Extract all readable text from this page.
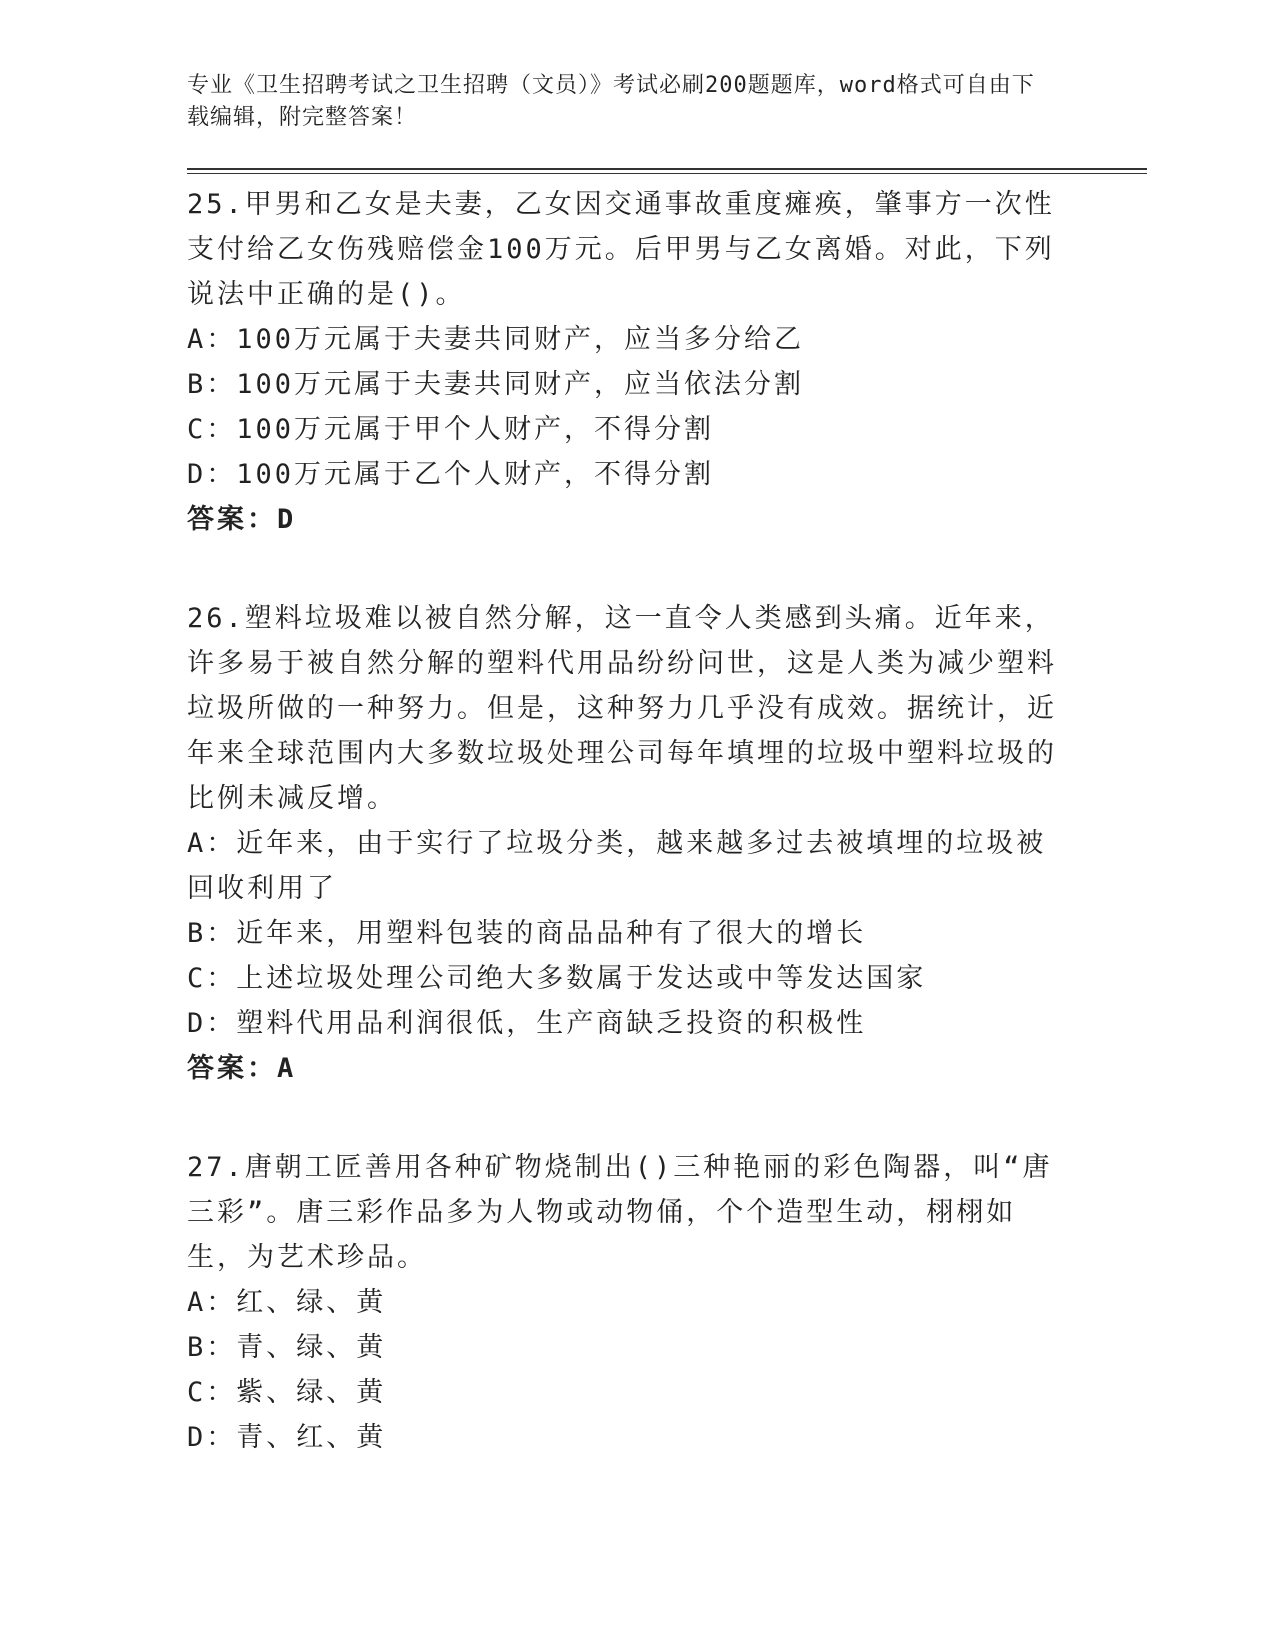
专业《卫生招聘考试之卫生招聘（文员）》考试必刷200题题库，word格式可自由下载编辑，附完整答案！

25.甲男和乙女是夫妻，乙女因交通事故重度瘫痪，肇事方一次性支付给乙女伤残赔偿金100万元。后甲男与乙女离婚。对此，下列说法中正确的是()。

A：100万元属于夫妻共同财产，应当多分给乙

B：100万元属于夫妻共同财产，应当依法分割

C：100万元属于甲个人财产，不得分割

D：100万元属于乙个人财产，不得分割

答案：D

26.塑料垃圾难以被自然分解，这一直令人类感到头痛。近年来，许多易于被自然分解的塑料代用品纷纷问世，这是人类为减少塑料垃圾所做的一种努力。但是，这种努力几乎没有成效。据统计，近年来全球范围内大多数垃圾处理公司每年填埋的垃圾中塑料垃圾的比例未减反增。

A：近年来，由于实行了垃圾分类，越来越多过去被填埋的垃圾被回收利用了

B：近年来，用塑料包装的商品品种有了很大的增长

C：上述垃圾处理公司绝大多数属于发达或中等发达国家

D：塑料代用品利润很低，生产商缺乏投资的积极性

答案：A

27.唐朝工匠善用各种矿物烧制出()三种艳丽的彩色陶器，叫“唐三彩”。唐三彩作品多为人物或动物俑，个个造型生动，栩栩如生，为艺术珍品。

A：红、绿、黄

B：青、绿、黄

C：紫、绿、黄

D：青、红、黄
